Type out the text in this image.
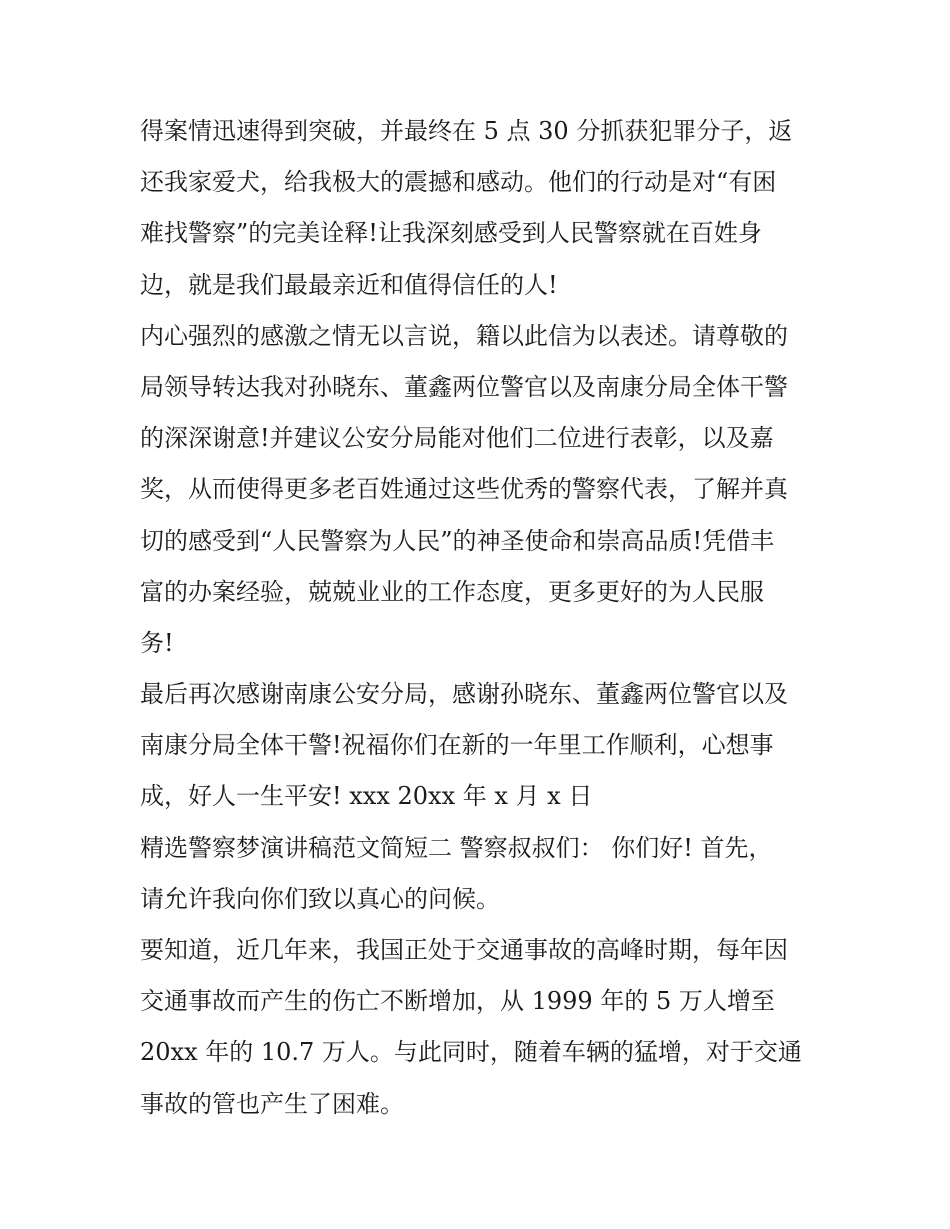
得案情迅速得到突破，并最终在 5 点 30 分抓获犯罪分子，返
还我家爱犬，给我极大的震撼和感动。他们的行动是对“有困
难找警察”的完美诠释!让我深刻感受到人民警察就在百姓身
边，就是我们最最亲近和值得信任的人!

内心强烈的感激之情无以言说，籍以此信为以表述。请尊敬的
局领导转达我对孙晓东、董鑫两位警官以及南康分局全体干警
的深深谢意!并建议公安分局能对他们二位进行表彰，以及嘉
奖，从而使得更多老百姓通过这些优秀的警察代表，了解并真
切的感受到“人民警察为人民”的神圣使命和崇高品质!凭借丰
富的办案经验，兢兢业业的工作态度，更多更好的为人民服
务!

最后再次感谢南康公安分局，感谢孙晓东、董鑫两位警官以及
南康分局全体干警!祝福你们在新的一年里工作顺利，心想事
成，好人一生平安! xxx 20xx 年 x 月 x 日

精选警察梦演讲稿范文简短二 警察叔叔们： 你们好! 首先，
请允许我向你们致以真心的问候。

要知道，近几年来，我国正处于交通事故的高峰时期，每年因
交通事故而产生的伤亡不断增加，从 1999 年的 5 万人增至
20xx 年的 10.7 万人。与此同时，随着车辆的猛增，对于交通
事故的管也产生了困难。
